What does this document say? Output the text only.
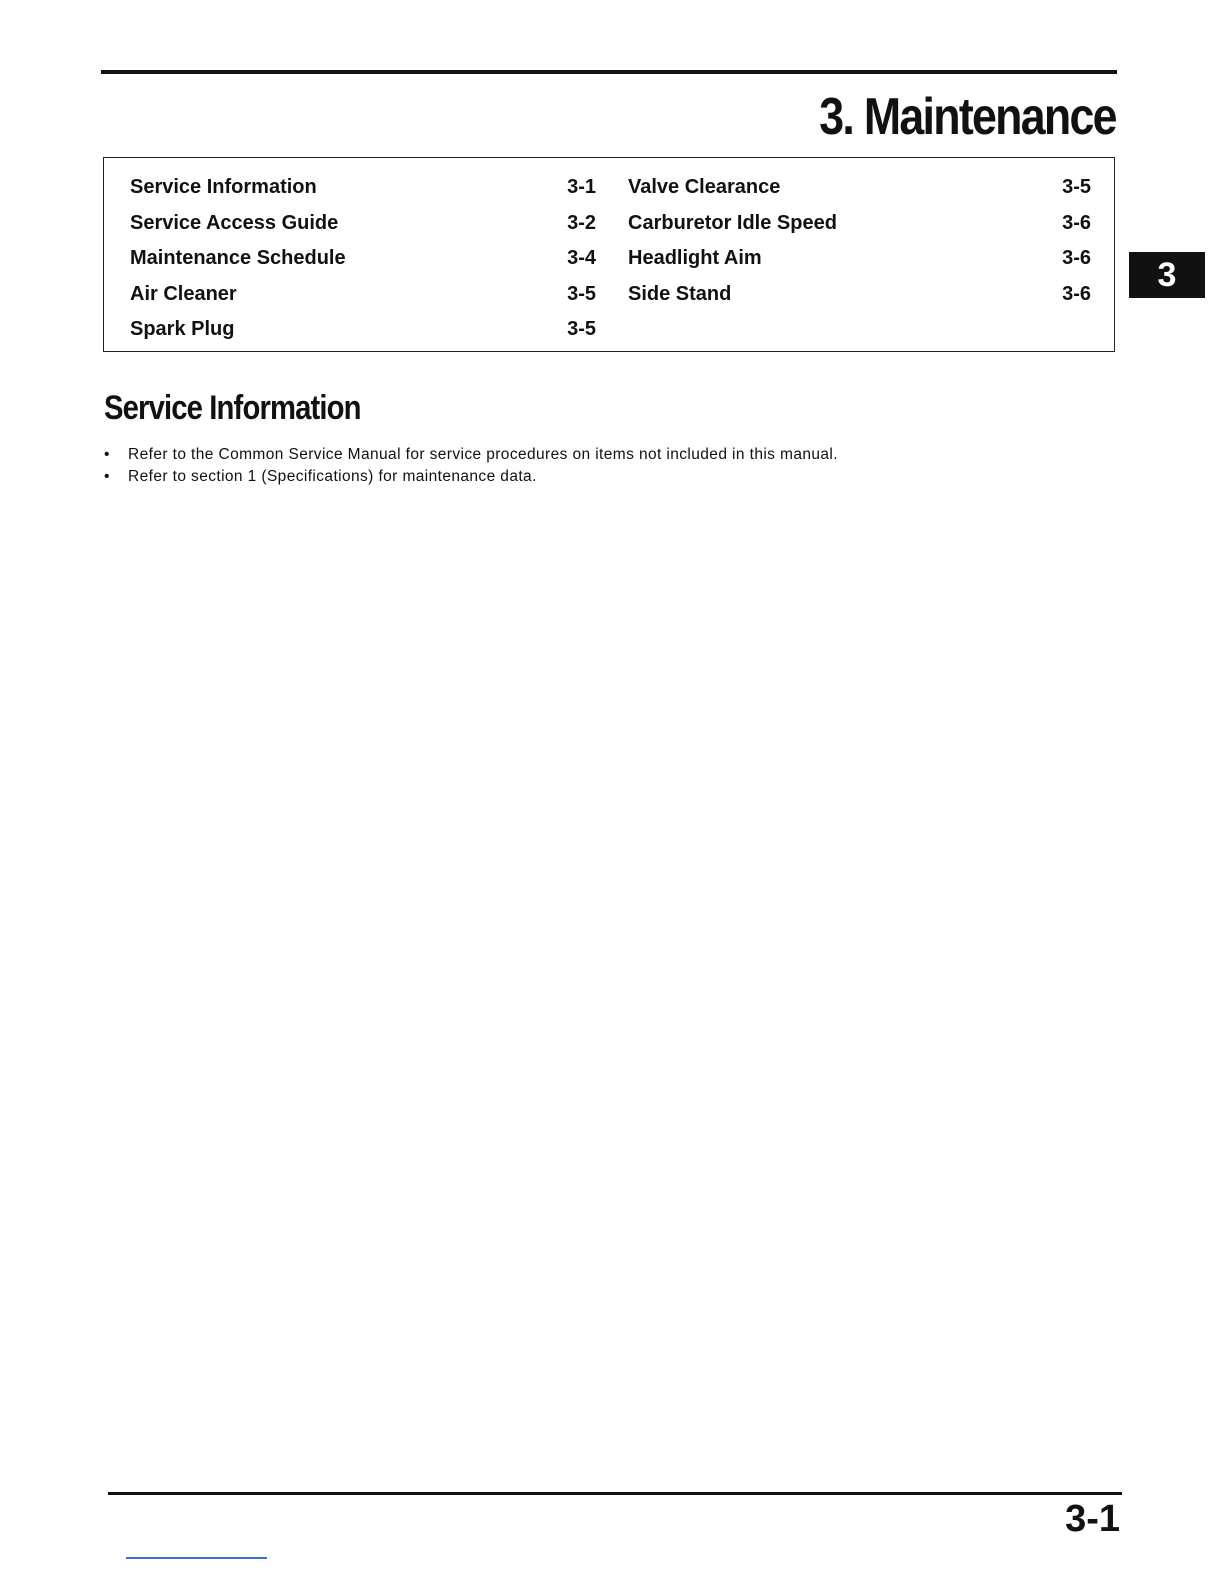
3. Maintenance
Service Information	3-1
Service Access Guide	3-2
Maintenance Schedule	3-4
Air Cleaner	3-5
Spark Plug	3-5
Valve Clearance	3-5
Carburetor Idle Speed	3-6
Headlight Aim	3-6
Side Stand	3-6	3
Service Information
• Refer to the Common Service Manual for service procedures on items not included in this manual.
• Refer to section 1 (Specifications) for maintenance data.
3-1
